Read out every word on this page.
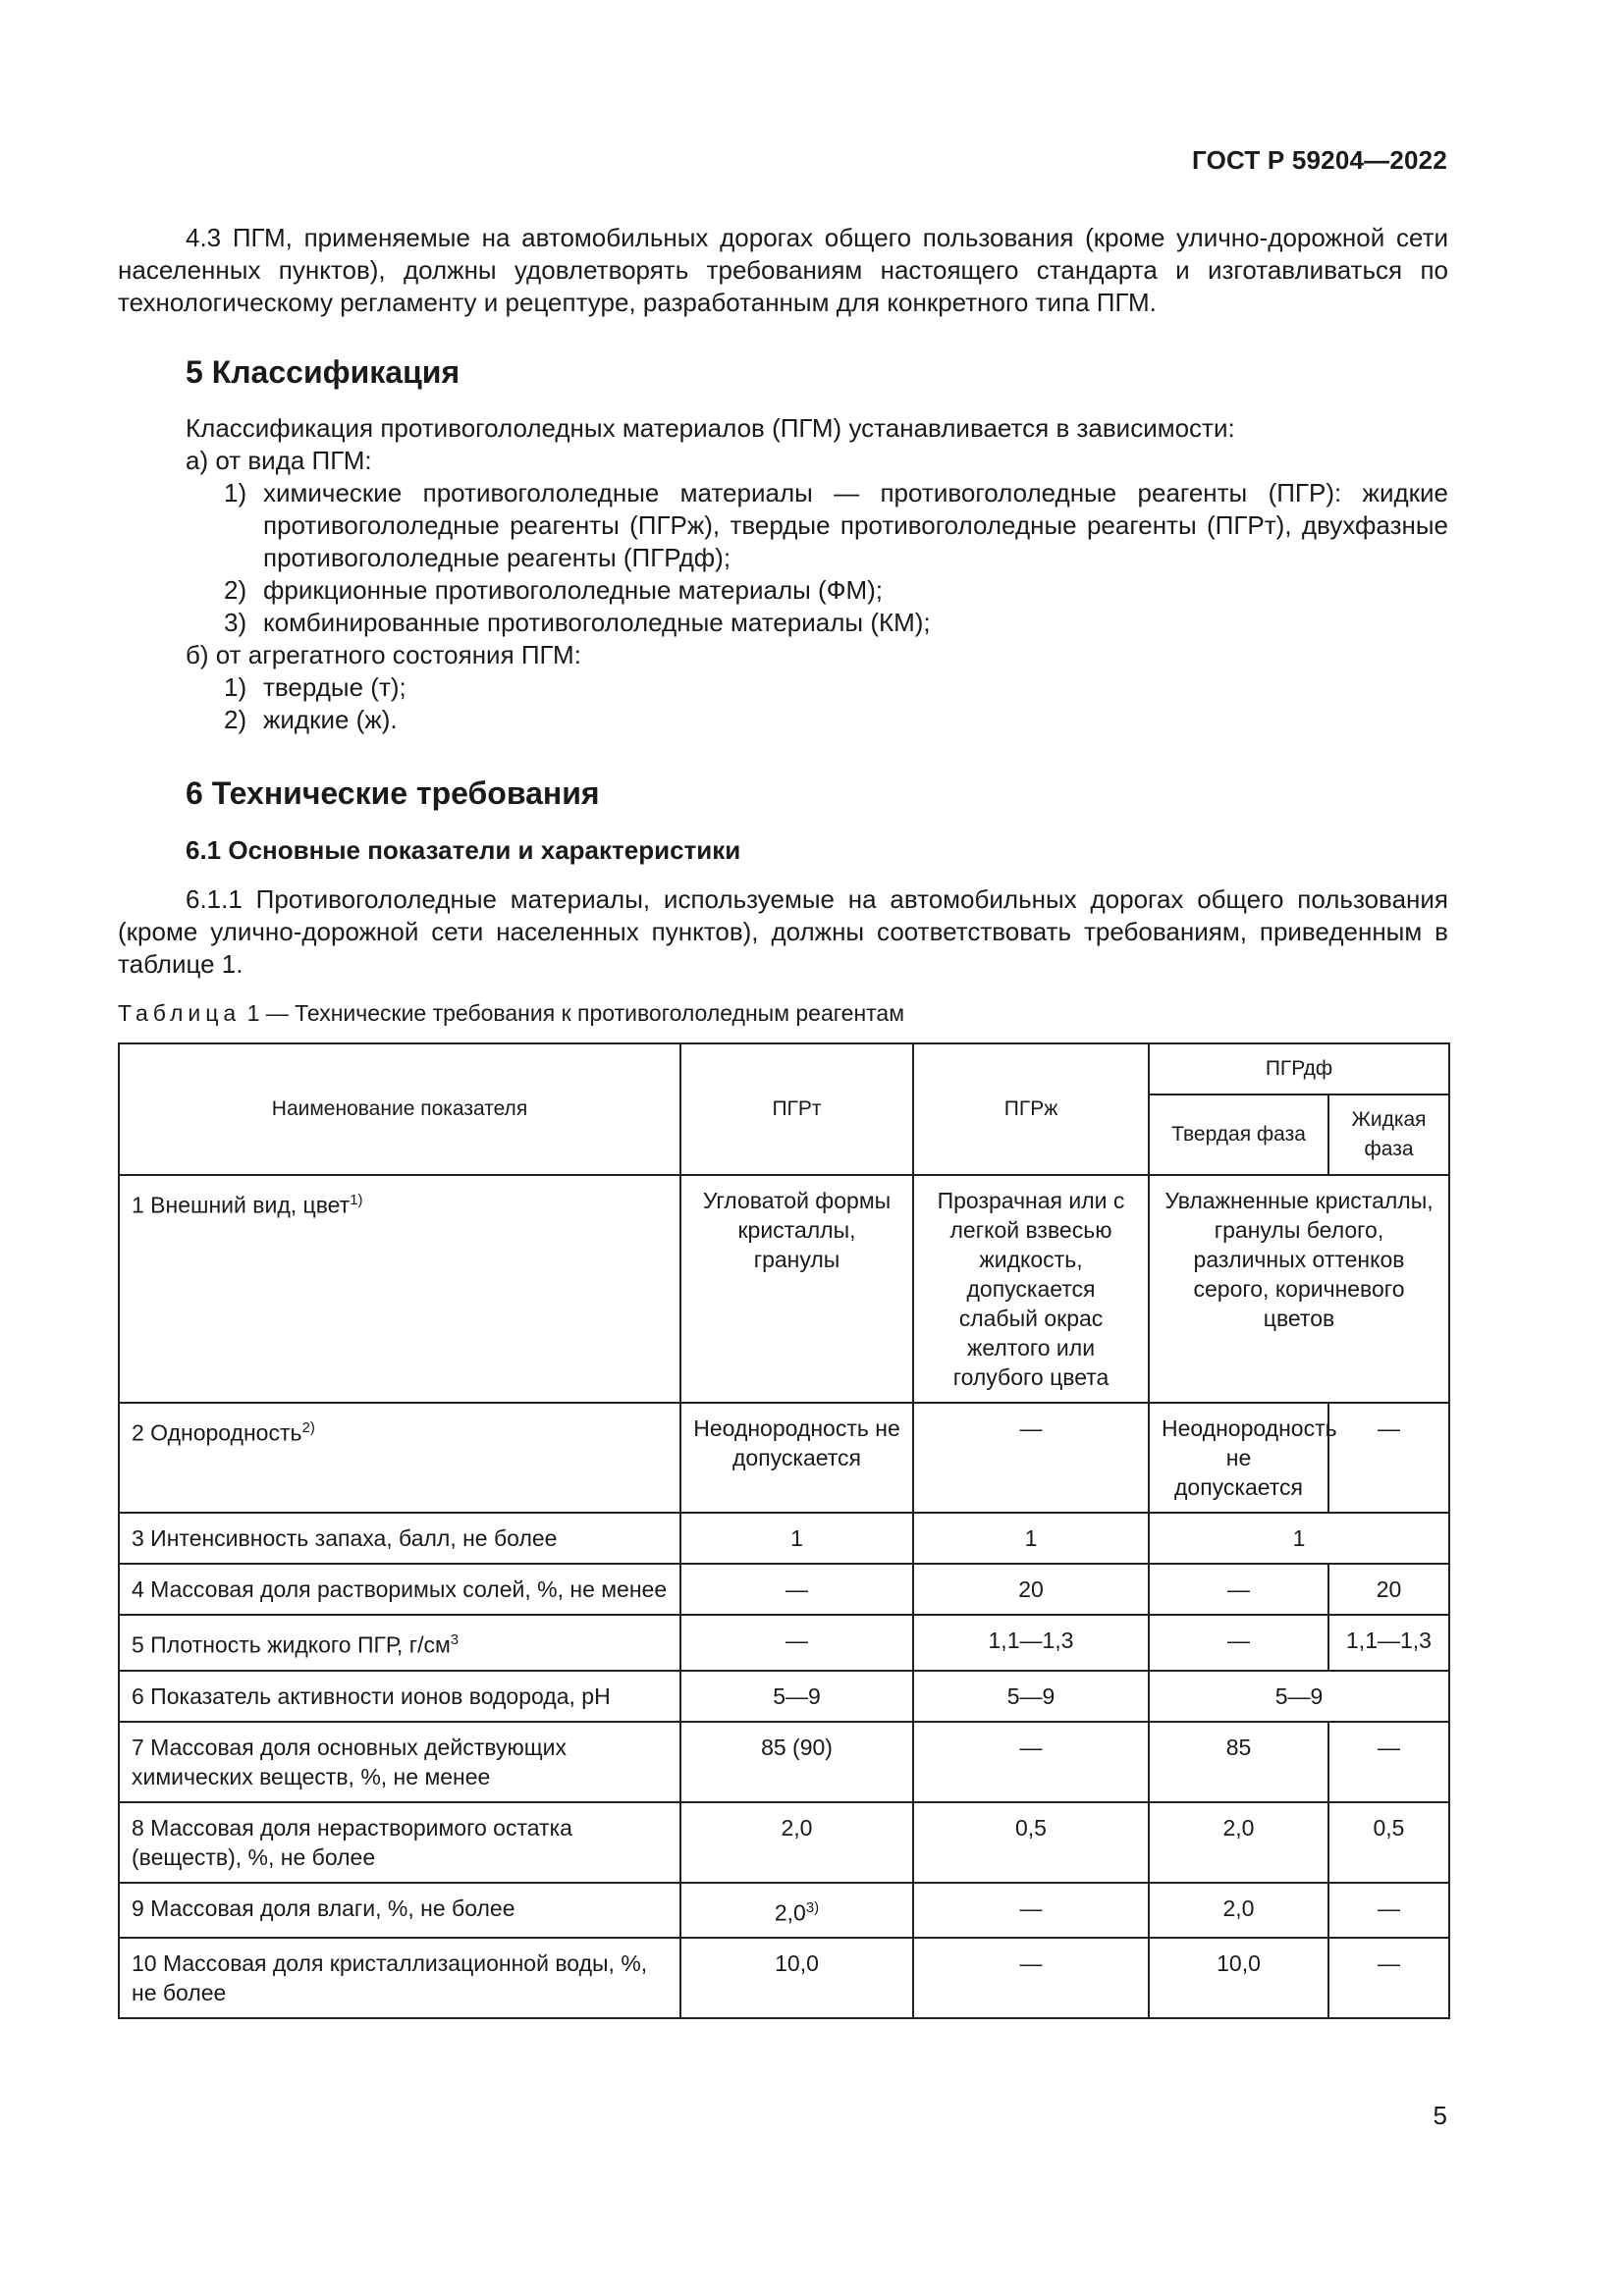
ГОСТ Р 59204—2022

4.3 ПГМ, применяемые на автомобильных дорогах общего пользования (кроме улично-дорожной сети населенных пунктов), должны удовлетворять требованиям настоящего стандарта и изготавливаться по технологическому регламенту и рецептуре, разработанным для конкретного типа ПГМ.

5 Классификация

Классификация противогололедных материалов (ПГМ) устанавливается в зависимости:

а) от вида ПГМ:

1) химические противогололедные материалы — противогололедные реагенты (ПГР): жидкие противогололедные реагенты (ПГРж), твердые противогололедные реагенты (ПГРт), двухфазные противогололедные реагенты (ПГРдф);
2) фрикционные противогололедные материалы (ФМ);
3) комбинированные противогололедные материалы (КМ);

б) от агрегатного состояния ПГМ:

1) твердые (т);
2) жидкие (ж).
6 Технические требования
6.1 Основные показатели и характеристики

6.1.1 Противогололедные материалы, используемые на автомобильных дорогах общего пользования (кроме улично-дорожной сети населенных пунктов), должны соответствовать требованиям, приведенным в таблице 1.

Таблица 1 — Технические требования к противогололедным реагентам

Наименование показателя	ПГРт	ПГРж	ПГРдф	
			Твердая фаза	Жидкая фаза
1 Внешний вид, цвет$^{1)}$	Угловатой формы кристаллы, гранулы	Прозрачная или с легкой взвесью жидкость, допускается слабый окрас желтого или голубого цвета	Увлажненные кристаллы, гранулы белого, различных оттенков серого, коричневого цветов	
2 Однородность$^{2)}$	Неоднородность не допускается	—	Неоднородность не допускается	—
3 Интенсивность запаха, балл, не более	1	1	1	
4 Массовая доля растворимых солей, %, не менее	—	20	—	20
5 Плотность жидкого ПГР, $г/см^3$	—	1,1—1,3	—	1,1—1,3
6 Показатель активности ионов водорода, pH	5—9	5—9	5—9	
7 Массовая доля основных действующих химических веществ, %, не менее	85 (90)	—	85	—
8 Массовая доля нерастворимого остатка (веществ), %, не более	2,0	0,5	2,0	0,5
9 Массовая доля влаги, %, не более	2,0$^{3)}$	—	2,0	—
10 Массовая доля кристаллизационной воды, %, не более	10,0	—	10,0	—
5
